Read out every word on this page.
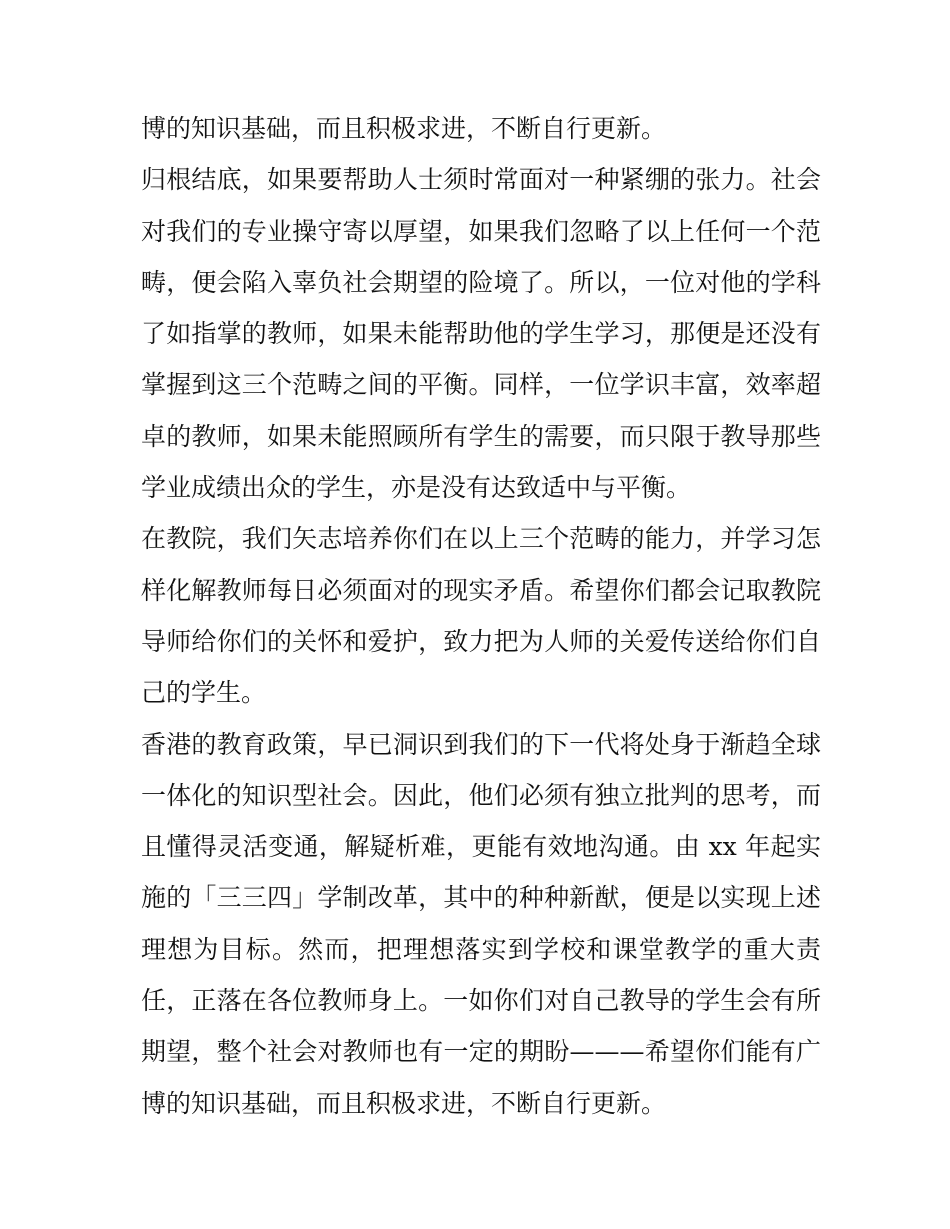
博的知识基础，而且积极求进，不断自行更新。
归根结底，如果要帮助人士须时常面对一种紧绷的张力。社会
对我们的专业操守寄以厚望，如果我们忽略了以上任何一个范
畴，便会陷入辜负社会期望的险境了。所以，一位对他的学科
了如指掌的教师，如果未能帮助他的学生学习，那便是还没有
掌握到这三个范畴之间的平衡。同样，一位学识丰富，效率超
卓的教师，如果未能照顾所有学生的需要，而只限于教导那些
学业成绩出众的学生，亦是没有达致适中与平衡。
在教院，我们矢志培养你们在以上三个范畴的能力，并学习怎
样化解教师每日必须面对的现实矛盾。希望你们都会记取教院
导师给你们的关怀和爱护，致力把为人师的关爱传送给你们自
己的学生。
香港的教育政策，早已洞识到我们的下一代将处身于渐趋全球
一体化的知识型社会。因此，他们必须有独立批判的思考，而
且懂得灵活变通，解疑析难，更能有效地沟通。由 xx 年起实
施的「三三四」学制改革，其中的种种新猷，便是以实现上述
理想为目标。然而，把理想落实到学校和课堂教学的重大责
任，正落在各位教师身上。一如你们对自己教导的学生会有所
期望，整个社会对教师也有一定的期盼———希望你们能有广
博的知识基础，而且积极求进，不断自行更新。
